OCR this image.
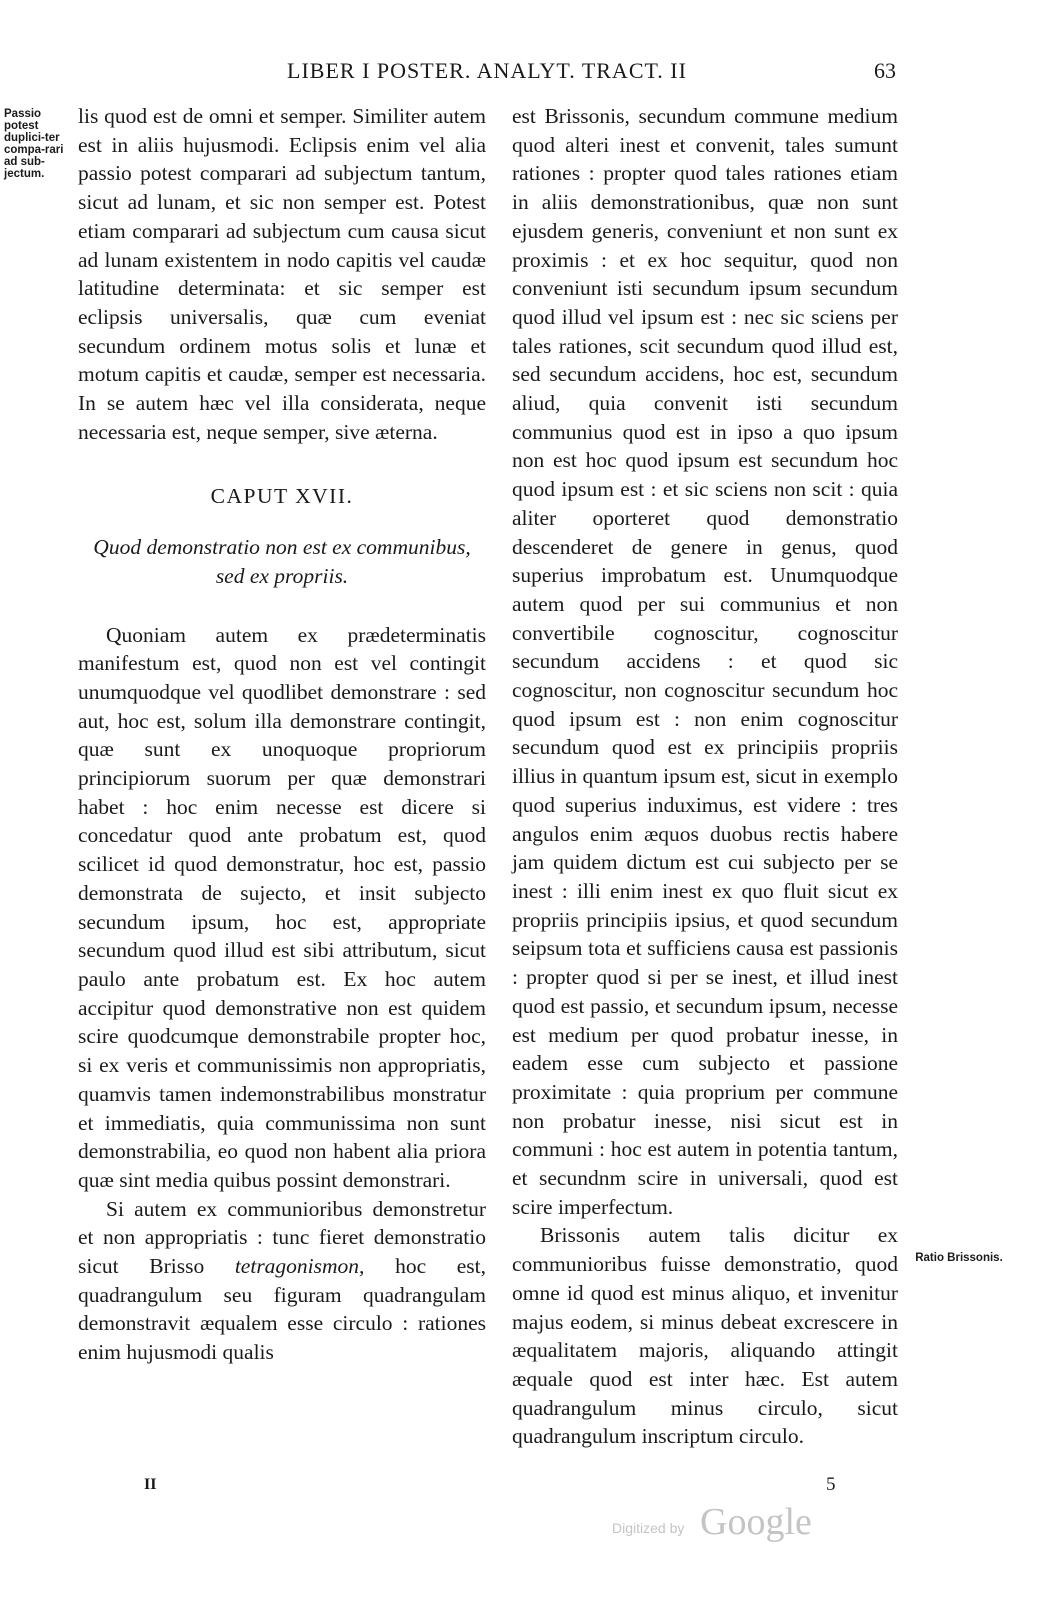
LIBER I POSTER. ANALYT. TRACT. II	63
Passio potest duplici-ter compa-rari ad sub-jectum.

lis quod est de omni et semper. Similiter autem est in aliis hujusmodi. Eclipsis enim vel alia passio potest comparari ad subjectum tantum, sicut ad lunam, et sic non semper est. Potest etiam comparari ad subjectum cum causa sicut ad lunam existentem in nodo capitis vel caudæ latitudine determinata: et sic semper est eclipsis universalis, quæ cum eveniat secundum ordinem motus solis et lunæ et motum capitis et caudæ, semper est necessaria. In se autem hæc vel illa considerata, neque necessaria est, neque semper, sive æterna.

CAPUT XVII.

Quod demonstratio non est ex communibus, sed ex propriis.

Quoniam autem ex prædeterminatis manifestum est, quod non est vel contingit unumquodque vel quodlibet demonstrare : sed aut, hoc est, solum illa demonstrare contingit, quæ sunt ex unoquoque propriorum principiorum suorum per quæ demonstrari habet : hoc enim necesse est dicere si concedatur quod ante probatum est, quod scilicet id quod demonstratur, hoc est, passio demonstrata de sujecto, et insit subjecto secundum ipsum, hoc est, appropriate secundum quod illud est sibi attributum, sicut paulo ante probatum est. Ex hoc autem accipitur quod demonstrative non est quidem scire quodcumque demonstrabile propter hoc, si ex veris et communissimis non appropriatis, quamvis tamen indemonstrabilibus monstratur et immediatis, quia communissima non sunt demonstrabilia, eo quod non habent alia priora quæ sint media quibus possint demonstrari.

Si autem ex communioribus demonstretur et non appropriatis : tunc fieret demonstratio sicut Brisso tetragonismon, hoc est, quadrangulum seu figuram quadrangulam demonstravit æqualem esse circulo : rationes enim hujusmodi qualis

est Brissonis, secundum commune medium quod alteri inest et convenit, tales sumunt rationes : propter quod tales rationes etiam in aliis demonstrationibus, quæ non sunt ejusdem generis, conveniunt et non sunt ex proximis : et ex hoc sequitur, quod non conveniunt isti secundum ipsum secundum quod illud vel ipsum est : nec sic sciens per tales rationes, scit secundum quod illud est, sed secundum accidens, hoc est, secundum aliud, quia convenit isti secundum communius quod est in ipso a quo ipsum non est hoc quod ipsum est secundum hoc quod ipsum est : et sic sciens non scit : quia aliter oporteret quod demonstratio descenderet de genere in genus, quod superius improbatum est. Unumquodque autem quod per sui communius et non convertibile cognoscitur, cognoscitur secundum accidens : et quod sic cognoscitur, non cognoscitur secundum hoc quod ipsum est : non enim cognoscitur secundum quod est ex principiis propriis illius in quantum ipsum est, sicut in exemplo quod superius induximus, est videre : tres angulos enim æquos duobus rectis habere jam quidem dictum est cui subjecto per se inest : illi enim inest ex quo fluit sicut ex propriis principiis ipsius, et quod secundum seipsum tota et sufficiens causa est passionis : propter quod si per se inest, et illud inest quod est passio, et secundum ipsum, necesse est medium per quod probatur inesse, in eadem esse cum subjecto et passione proximitate : quia proprium per commune non probatur inesse, nisi sicut est in communi : hoc est autem in potentia tantum, et secundnm scire in universali, quod est scire imperfectum.

Brissonis autem talis dicitur ex communioribus fuisse demonstratio, quod omne id quod est minus aliquo, et invenitur majus eodem, si minus debeat excrescere in æqualitatem majoris, aliquando attingit æquale quod est inter hæc. Est autem quadrangulum minus circulo, sicut quadrangulum inscriptum circulo.

Ratio Brissonis.
II	5
Digitized by Google
